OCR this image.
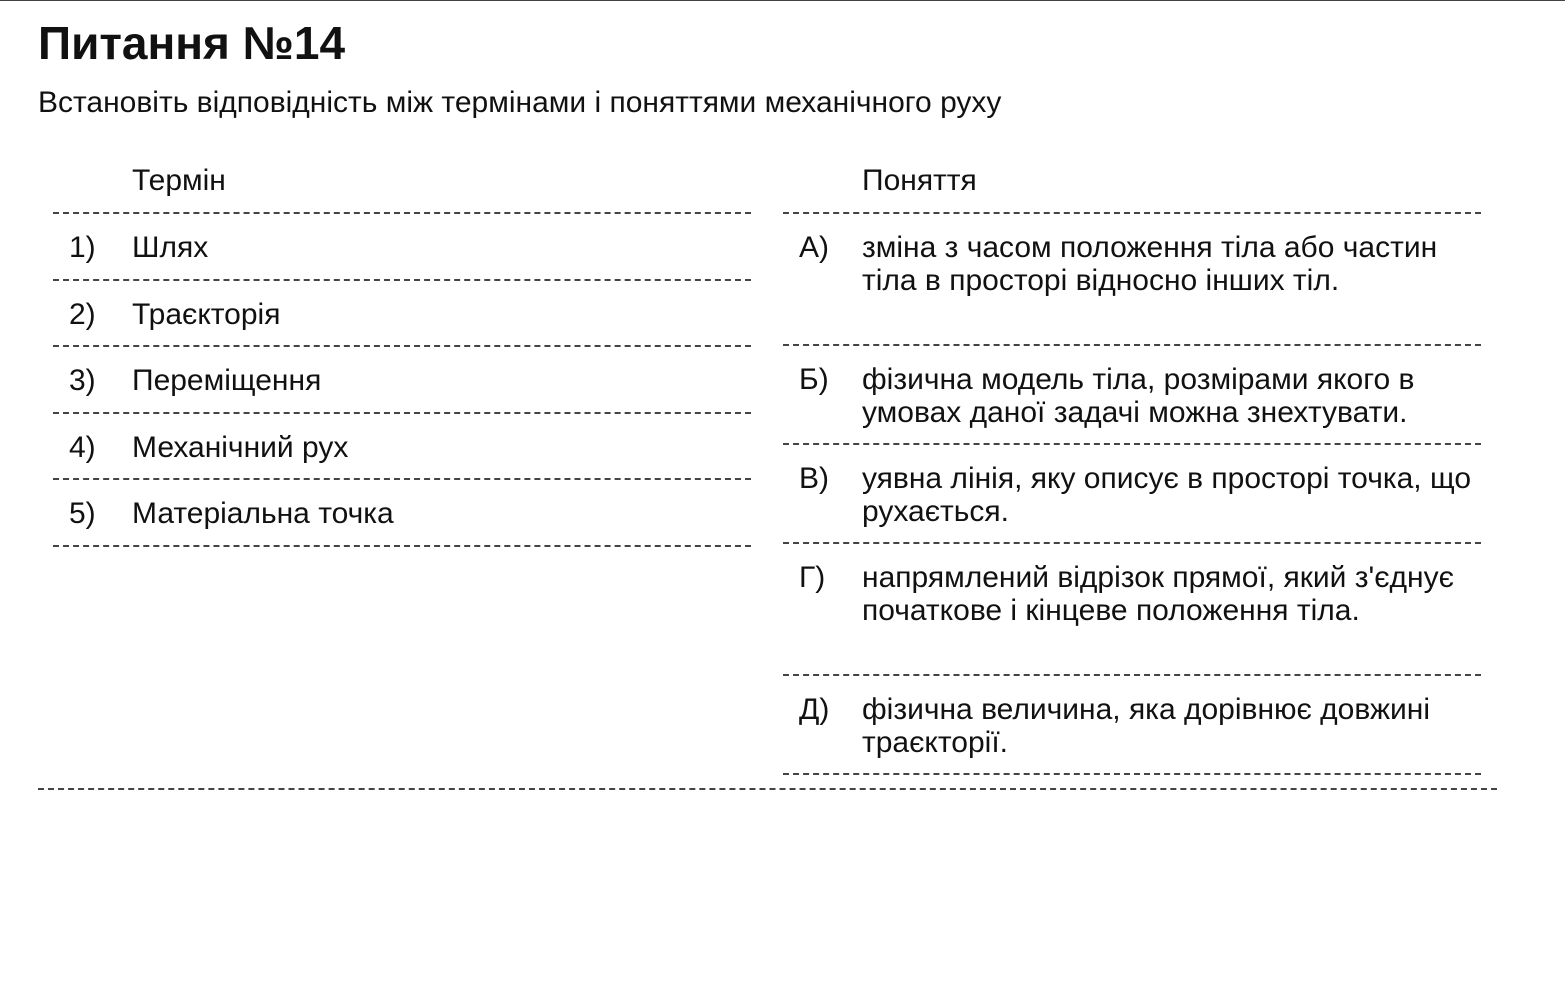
Питання №14

Встановіть відповідність між термінами і поняттями механічного руху

Термін
1)	Шлях
2)	Траєкторія
3)	Переміщення
4)	Механічний рух
5)	Матеріальна точка
Поняття
А)	зміна з часом положення тіла або частин тіла в просторі відносно інших тіл.
Б)	фізична модель тіла, розмірами якого в умовах даної задачі можна знехтувати.
В)	уявна лінія, яку описує в просторі точка, що рухається.
Г)	напрямлений відрізок прямої, який з'єднує початкове і кінцеве положення тіла.
Д)	фізична величина, яка дорівнює довжині траєкторії.
